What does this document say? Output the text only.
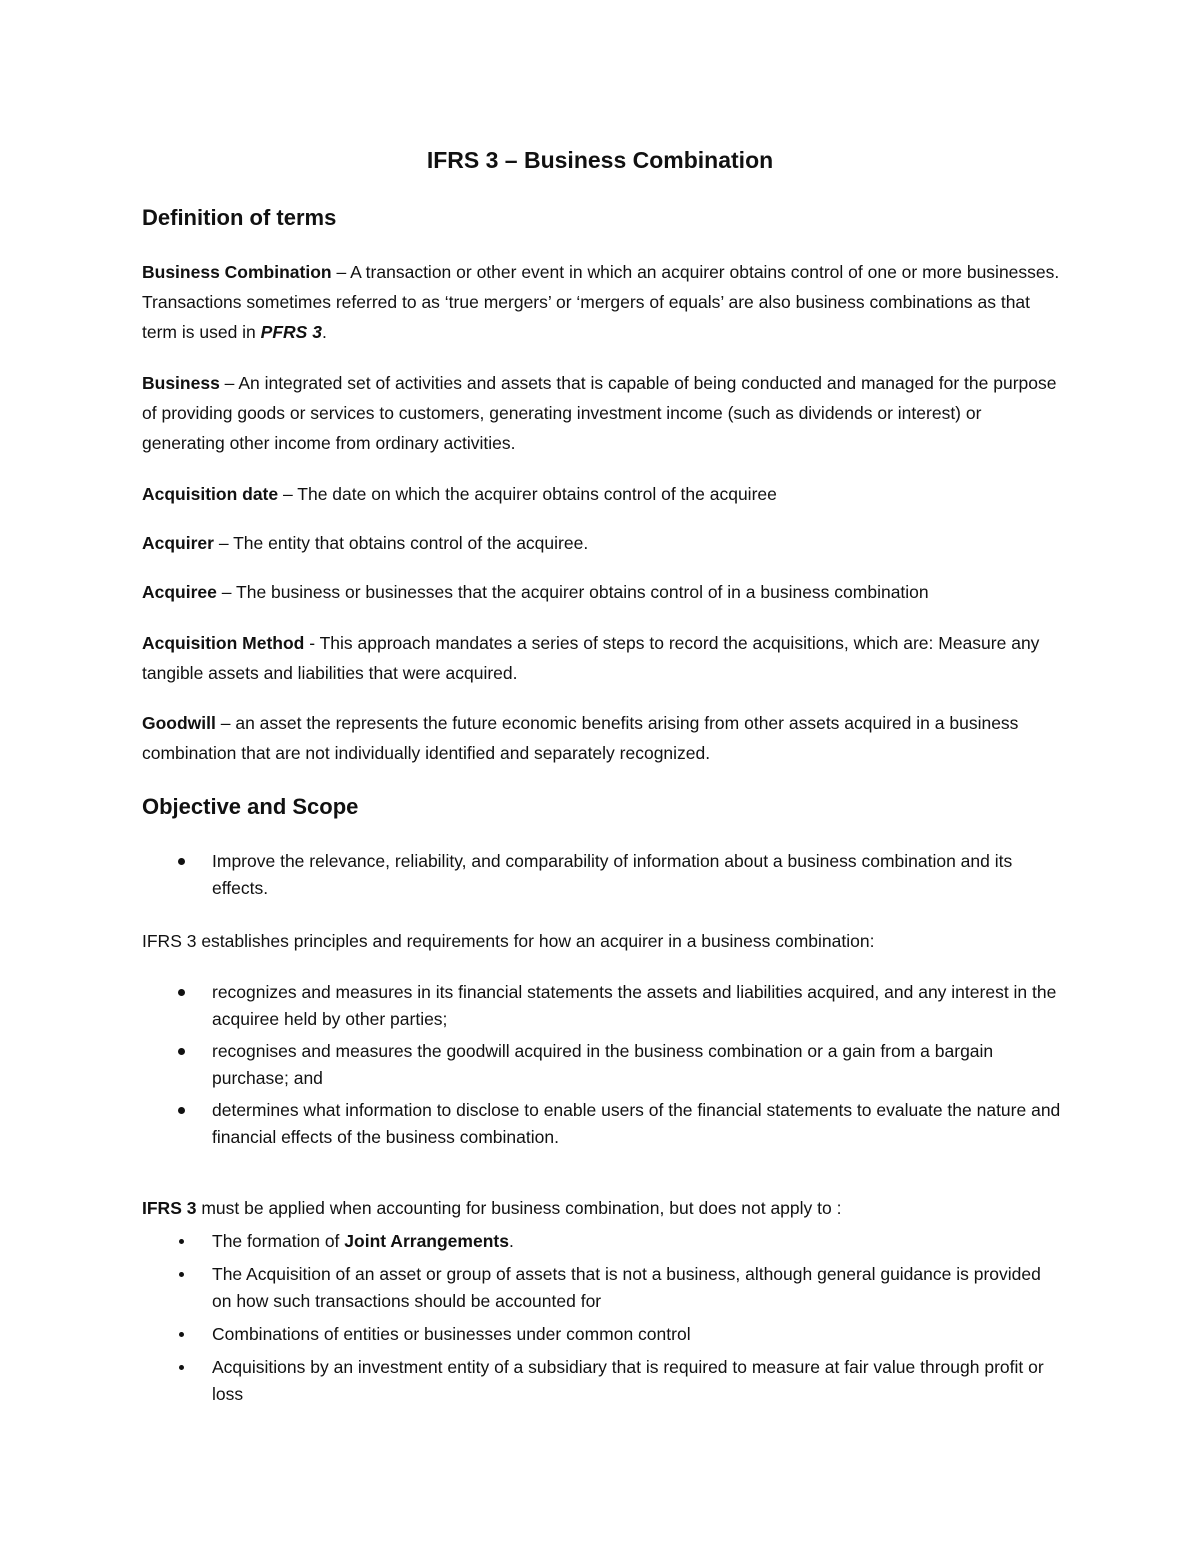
IFRS 3 – Business Combination
Definition of terms
Business Combination – A transaction or other event in which an acquirer obtains control of one or more businesses. Transactions sometimes referred to as ‘true mergers’ or ‘mergers of equals’ are also business combinations as that term is used in PFRS 3.
Business – An integrated set of activities and assets that is capable of being conducted and managed for the purpose of providing goods or services to customers, generating investment income (such as dividends or interest) or generating other income from ordinary activities.
Acquisition date – The date on which the acquirer obtains control of the acquiree
Acquirer – The entity that obtains control of the acquiree.
Acquiree – The business or businesses that the acquirer obtains control of in a business combination
Acquisition Method - This approach mandates a series of steps to record the acquisitions, which are: Measure any tangible assets and liabilities that were acquired.
Goodwill – an asset the represents the future economic benefits arising from other assets acquired in a business combination that are not individually identified and separately recognized.
Objective and Scope
Improve the relevance, reliability, and comparability of information about a business combination and its effects.
IFRS 3 establishes principles and requirements for how an acquirer in a business combination:
recognizes and measures in its financial statements the assets and liabilities acquired, and any interest in the acquiree held by other parties;
recognises and measures the goodwill acquired in the business combination or a gain from a bargain purchase; and
determines what information to disclose to enable users of the financial statements to evaluate the nature and financial effects of the business combination.
IFRS 3 must be applied when accounting for business combination, but does not apply to :
The formation of Joint Arrangements.
The Acquisition of an asset or group of assets that is not a business, although general guidance is provided on how such transactions should be accounted for
Combinations of entities or businesses under common control
Acquisitions by an investment entity of a subsidiary that is required to measure at fair value through profit or loss
